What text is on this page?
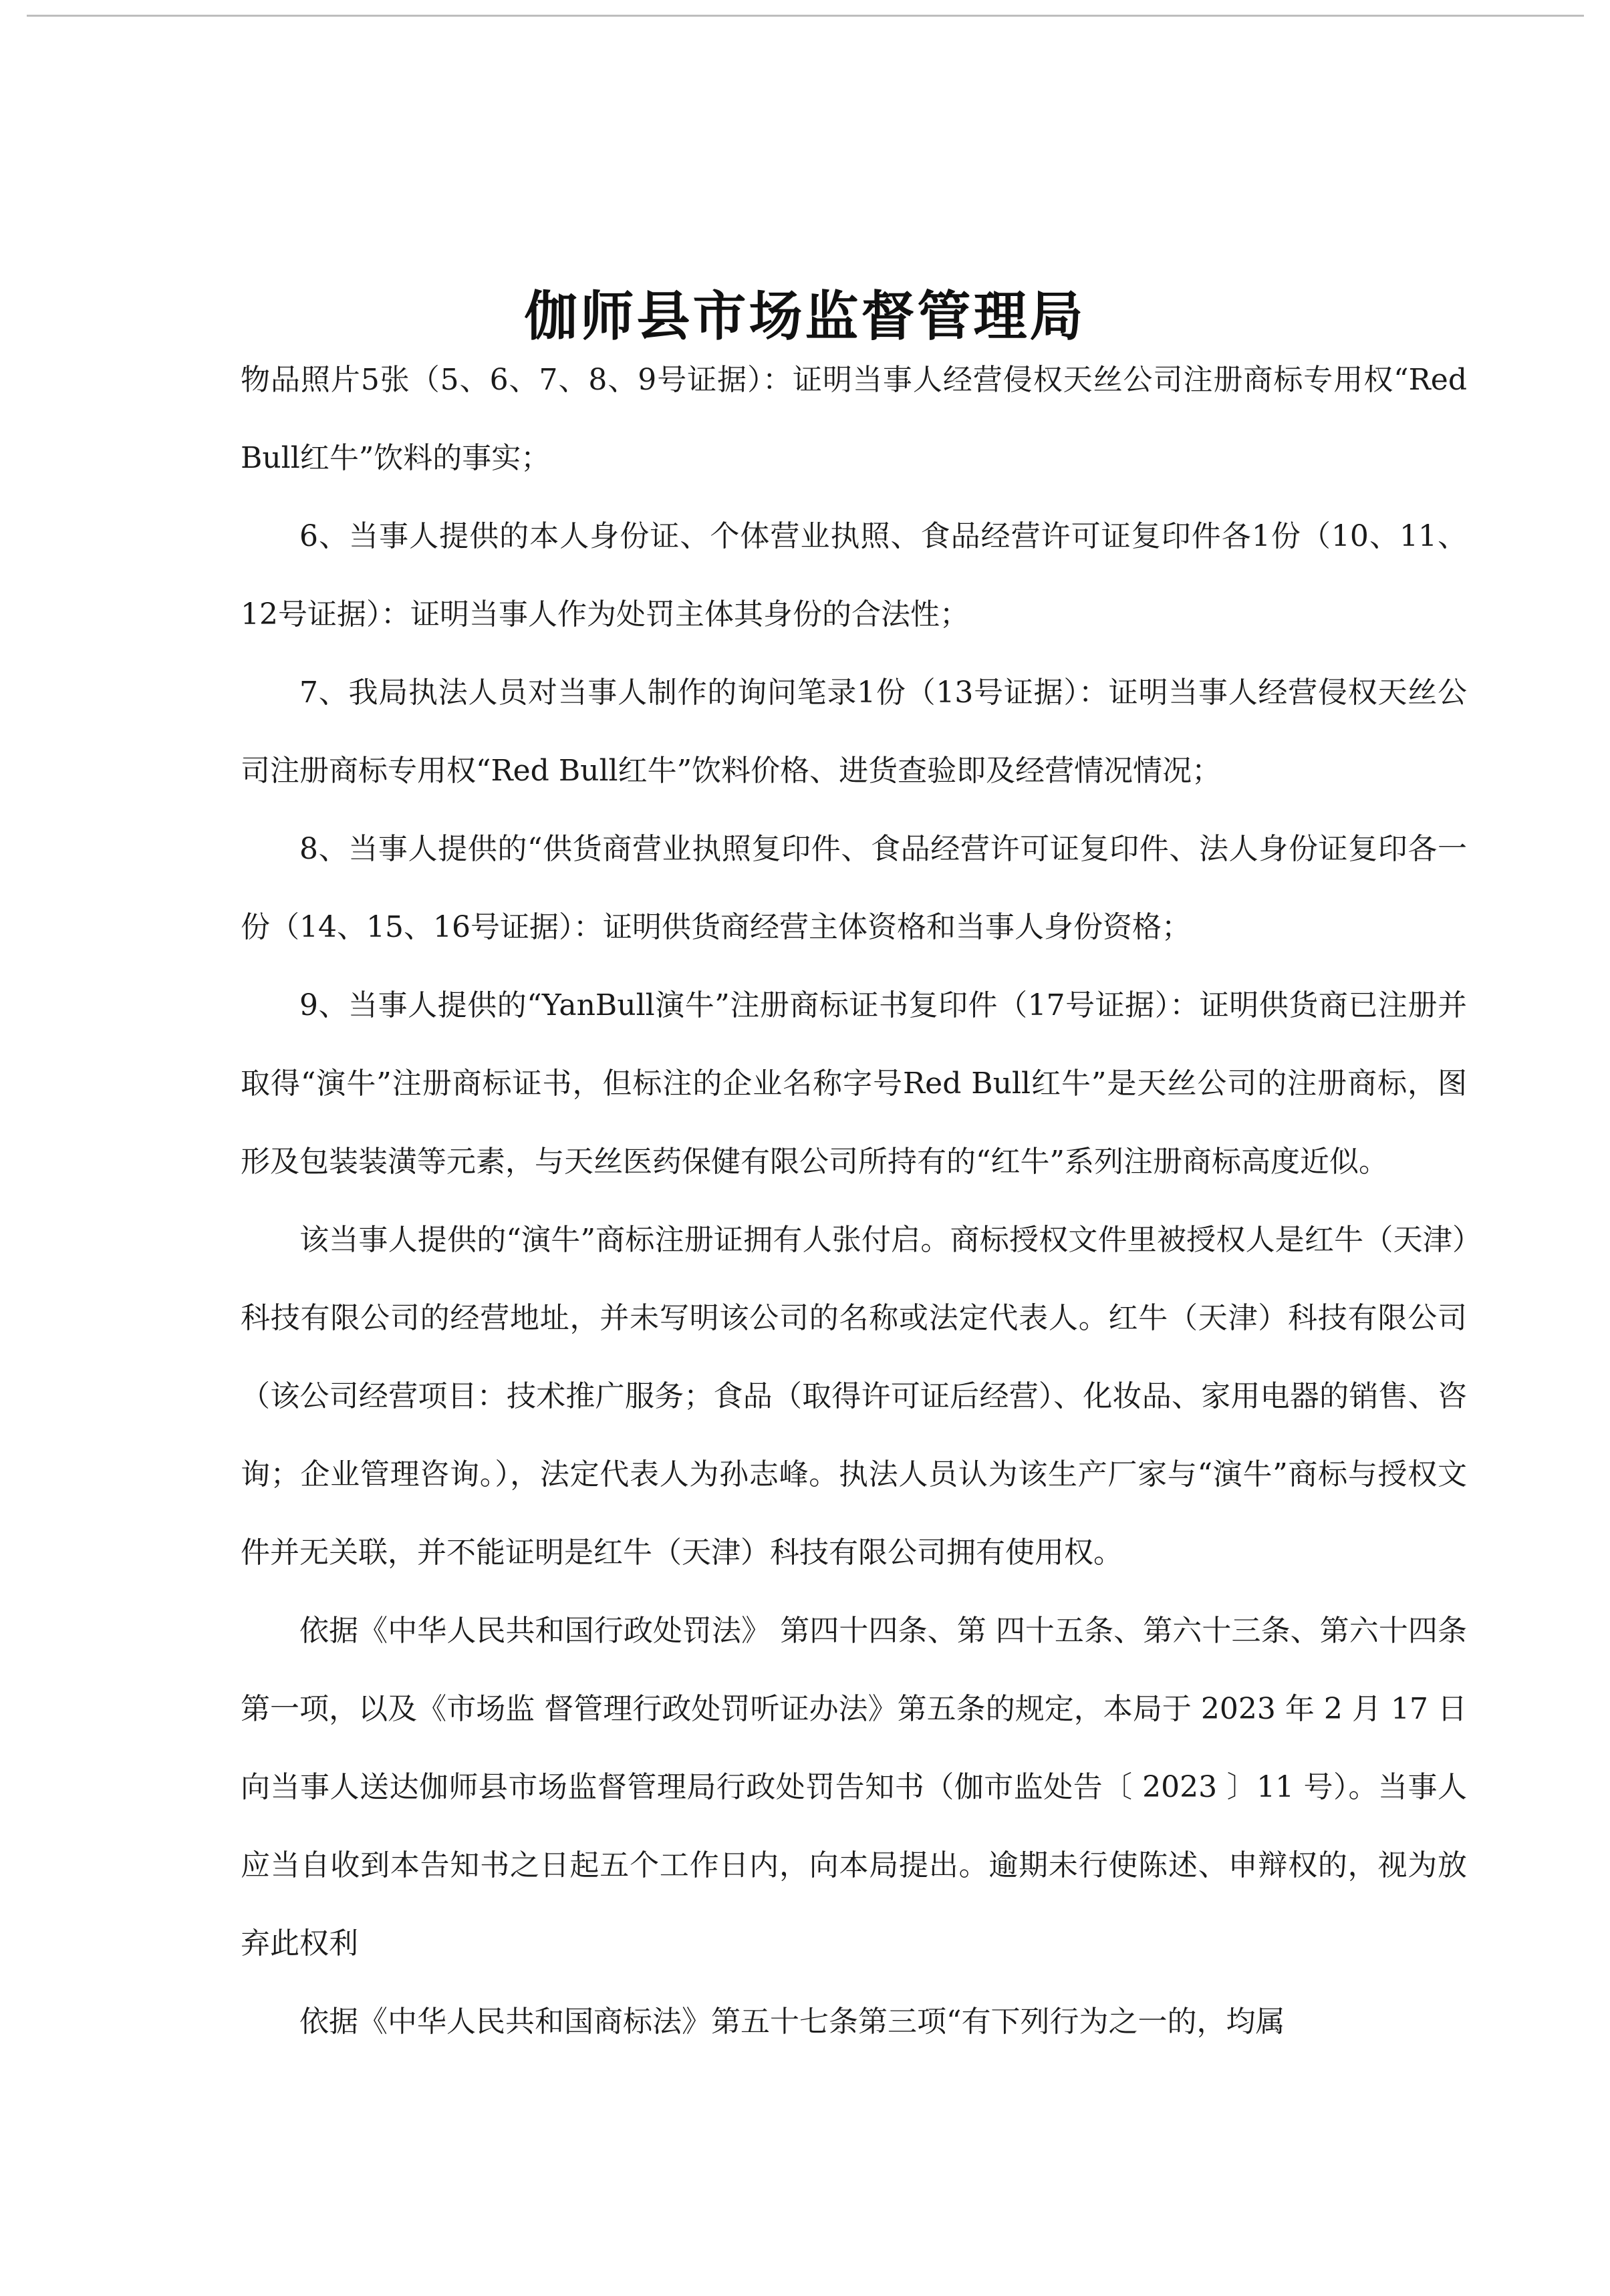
伽师县市场监督管理局

物品照片5张（5、6、7、8、9号证据）：证明当事人经营侵权天丝公司注册商标专用权“Red Bull红牛”饮料的事实；

6、当事人提供的本人身份证、个体营业执照、食品经营许可证复印件各1份（10、11、12号证据）：证明当事人作为处罚主体其身份的合法性；

7、我局执法人员对当事人制作的询问笔录1份（13号证据）：证明当事人经营侵权天丝公司注册商标专用权“Red Bull红牛”饮料价格、进货查验即及经营情况情况；

8、当事人提供的“供货商营业执照复印件、食品经营许可证复印件、法人身份证复印各一份（14、15、16号证据）：证明供货商经营主体资格和当事人身份资格；

9、当事人提供的“YanBull演牛”注册商标证书复印件（17号证据）：证明供货商已注册并取得“演牛”注册商标证书，但标注的企业名称字号Red Bull红牛”是天丝公司的注册商标，图形及包装装潢等元素，与天丝医药保健有限公司所持有的“红牛”系列注册商标高度近似。

该当事人提供的“演牛”商标注册证拥有人张付启。商标授权文件里被授权人是红牛（天津）科技有限公司的经营地址，并未写明该公司的名称或法定代表人。红牛（天津）科技有限公司（该公司经营项目：技术推广服务；食品（取得许可证后经营）、化妆品、家用电器的销售、咨询；企业管理咨询。），法定代表人为孙志峰。执法人员认为该生产厂家与“演牛”商标与授权文件并无关联，并不能证明是红牛（天津）科技有限公司拥有使用权。

依据《中华人民共和国行政处罚法》 第四十四条、第 四十五条、第六十三条、第六十四条第一项，以及《市场监 督管理行政处罚听证办法》第五条的规定，本局于 2023 年 2 月 17 日向当事人送达伽师县市场监督管理局行政处罚告知书（伽市监处告〔 2023 〕11 号）。当事人应当自收到本告知书之日起五个工作日内，向本局提出。逾期未行使陈述、申辩权的，视为放弃此权利

依据《中华人民共和国商标法》第五十七条第三项“有下列行为之一的，均属
